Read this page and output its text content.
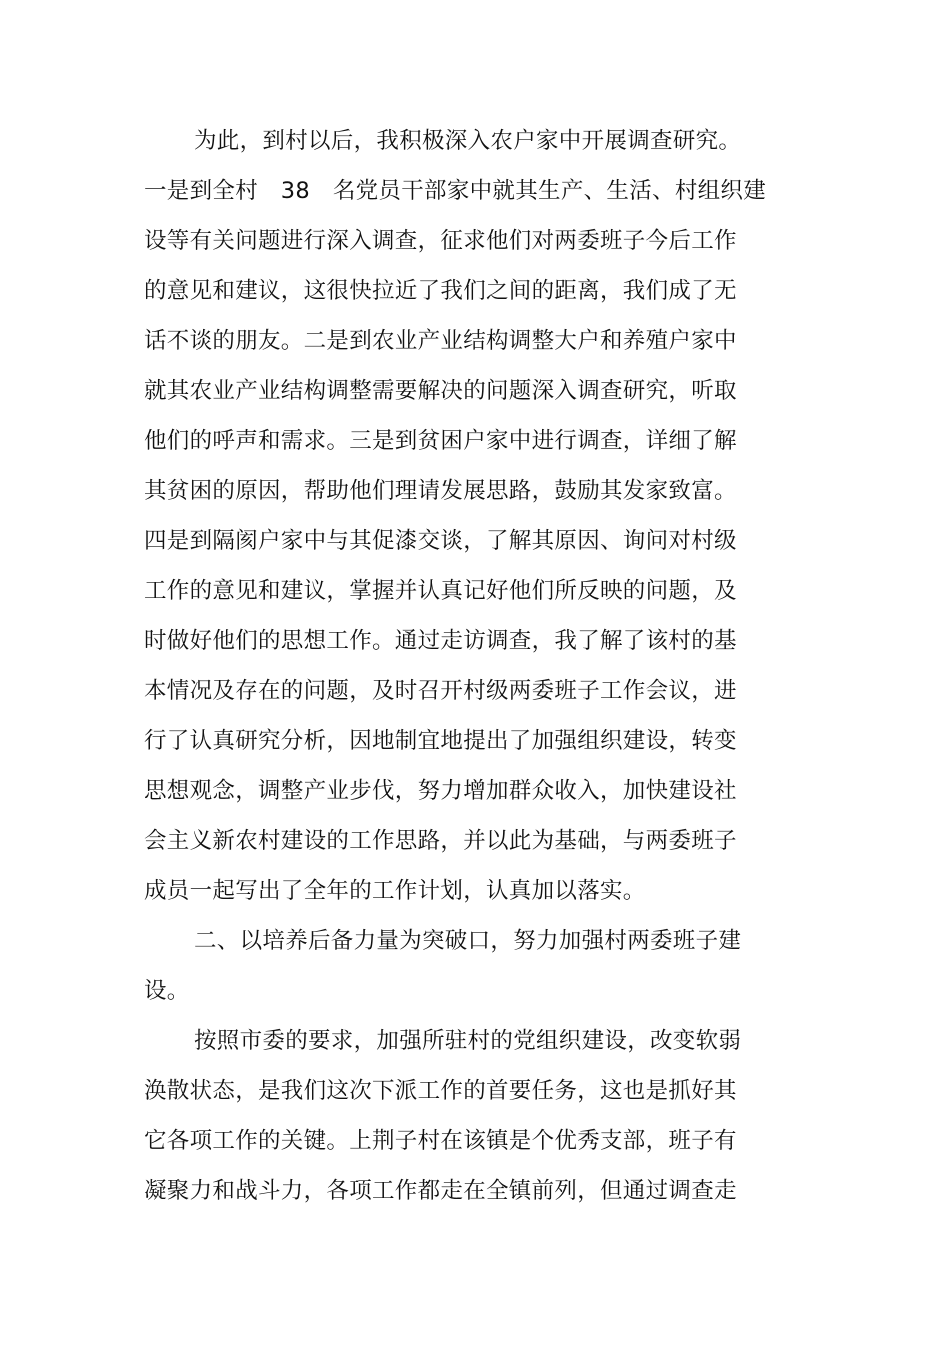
为此，到村以后，我积极深入农户家中开展调查研究。
一是到全村　38　名党员干部家中就其生产、生活、村组织建
设等有关问题进行深入调查，征求他们对两委班子今后工作
的意见和建议，这很快拉近了我们之间的距离，我们成了无
话不谈的朋友。二是到农业产业结构调整大户和养殖户家中
就其农业产业结构调整需要解决的问题深入调查研究，听取
他们的呼声和需求。三是到贫困户家中进行调查，详细了解
其贫困的原因，帮助他们理请发展思路，鼓励其发家致富。
四是到隔阂户家中与其促漆交谈，了解其原因、询问对村级
工作的意见和建议，掌握并认真记好他们所反映的问题，及
时做好他们的思想工作。通过走访调查，我了解了该村的基
本情况及存在的问题，及时召开村级两委班子工作会议，进
行了认真研究分析，因地制宜地提出了加强组织建设，转变
思想观念，调整产业步伐，努力增加群众收入，加快建设社
会主义新农村建设的工作思路，并以此为基础，与两委班子
成员一起写出了全年的工作计划，认真加以落实。
二、以培养后备力量为突破口，努力加强村两委班子建
设。
按照市委的要求，加强所驻村的党组织建设，改变软弱
涣散状态，是我们这次下派工作的首要任务，这也是抓好其
它各项工作的关键。上荆子村在该镇是个优秀支部，班子有
凝聚力和战斗力，各项工作都走在全镇前列，但通过调查走
